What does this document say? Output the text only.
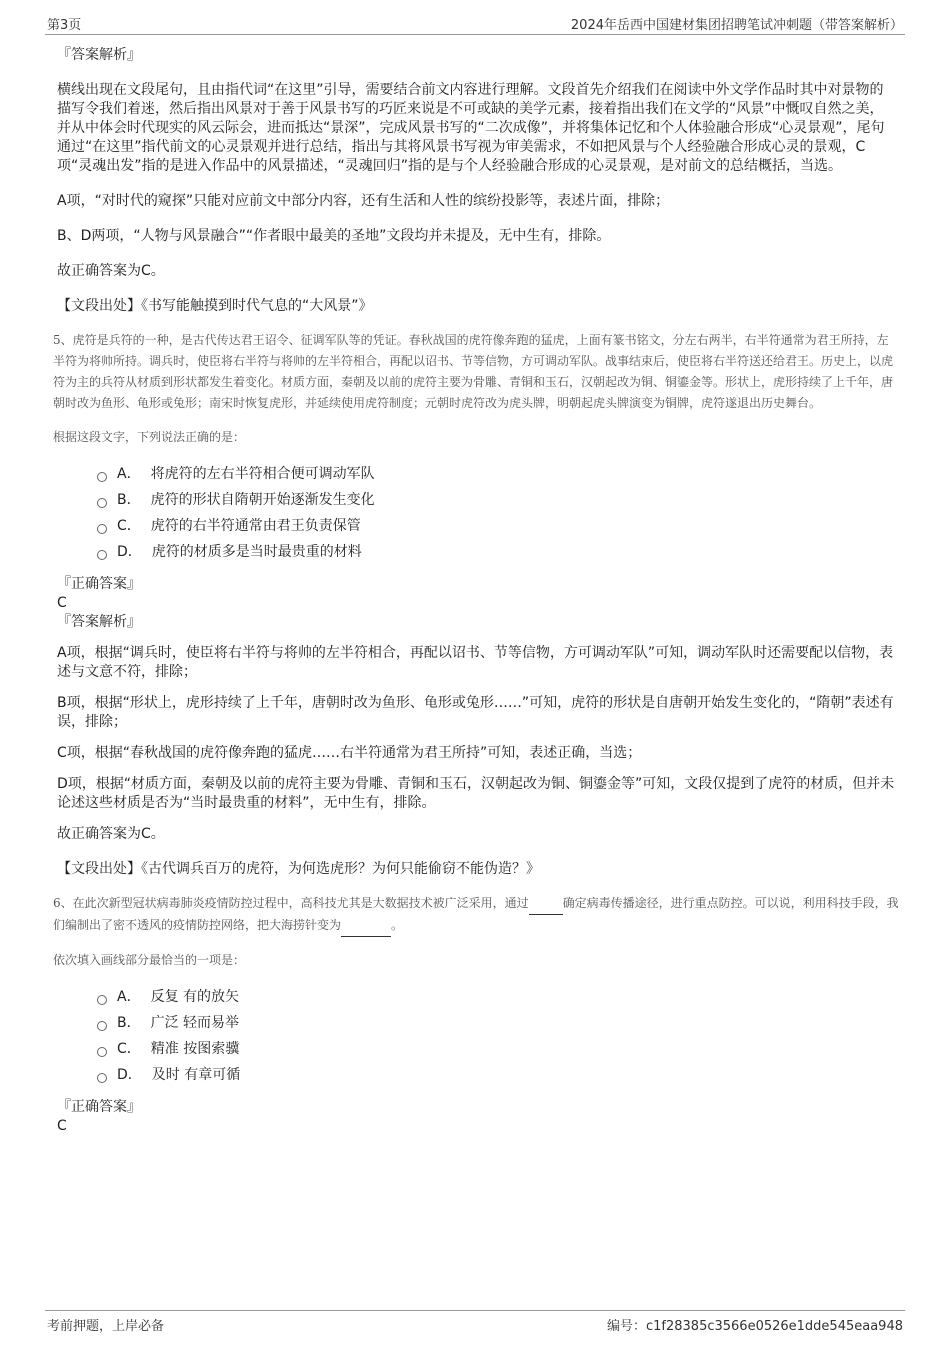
第3页	2024年岳西中国建材集团招聘笔试冲刺题（带答案解析）

『答案解析』

横线出现在文段尾句，且由指代词“在这里”引导，需要结合前文内容进行理解。文段首先介绍我们在阅读中外文学作品时其中对景物的描写令我们着迷，然后指出风景对于善于风景书写的巧匠来说是不可或缺的美学元素，接着指出我们在文学的“风景”中慨叹自然之美，并从中体会时代现实的风云际会，进而抵达“景深”，完成风景书写的“二次成像”，并将集体记忆和个人体验融合形成“心灵景观”，尾句通过“在这里”指代前文的心灵景观并进行总结，指出与其将风景书写视为审美需求，不如把风景与个人经验融合形成心灵的景观，C项“灵魂出发”指的是进入作品中的风景描述，“灵魂回归”指的是与个人经验融合形成的心灵景观，是对前文的总结概括，当选。

A项，“对时代的窥探”只能对应前文中部分内容，还有生活和人性的缤纷投影等，表述片面，排除；

B、D两项，“人物与风景融合”“作者眼中最美的圣地”文段均并未提及，无中生有，排除。

故正确答案为C。

【文段出处】《书写能触摸到时代气息的“大风景”》

5、虎符是兵符的一种，是古代传达君王诏令、征调军队等的凭证。春秋战国的虎符像奔跑的猛虎，上面有篆书铭文，分左右两半，右半符通常为君王所持，左半符为将帅所持。调兵时，使臣将右半符与将帅的左半符相合，再配以诏书、节等信物，方可调动军队。战事结束后，使臣将右半符送还给君王。历史上，以虎符为主的兵符从材质到形状都发生着变化。材质方面，秦朝及以前的虎符主要为骨雕、青铜和玉石，汉朝起改为铜、铜鎏金等。形状上，虎形持续了上千年，唐朝时改为鱼形、龟形或兔形；南宋时恢复虎形，并延续使用虎符制度；元朝时虎符改为虎头牌，明朝起虎头牌演变为铜牌，虎符遂退出历史舞台。
根据这段文字，下列说法正确的是：
A． 将虎符的左右半符相合便可调动军队
B． 虎符的形状自隋朝开始逐渐发生变化
C． 虎符的右半符通常由君王负责保管
D． 虎符的材质多是当时最贵重的材料

『正确答案』

C

『答案解析』

A项，根据“调兵时，使臣将右半符与将帅的左半符相合，再配以诏书、节等信物，方可调动军队”可知，调动军队时还需要配以信物，表述与文意不符，排除；

B项，根据“形状上，虎形持续了上千年，唐朝时改为鱼形、龟形或兔形……”可知，虎符的形状是自唐朝开始发生变化的，“隋朝”表述有误，排除；

C项，根据“春秋战国的虎符像奔跑的猛虎……右半符通常为君王所持”可知，表述正确，当选；

D项，根据“材质方面，秦朝及以前的虎符主要为骨雕、青铜和玉石，汉朝起改为铜、铜鎏金等”可知，文段仅提到了虎符的材质，但并未论述这些材质是否为“当时最贵重的材料”，无中生有，排除。

故正确答案为C。

【文段出处】《古代调兵百万的虎符，为何选虎形？为何只能偷窃不能伪造？》

6、在此次新型冠状病毒肺炎疫情防控过程中，高科技尤其是大数据技术被广泛采用，通过	确定病毒传播途径，进行重点防控。可以说，利用科技手段，我们编制出了密不透风的疫情防控网络，把大海捞针变为	。
依次填入画线部分最恰当的一项是：
A． 反复 有的放矢
B． 广泛 轻而易举
C． 精准 按图索骥
D． 及时 有章可循

『正确答案』

C

考前押题，上岸必备	编号：c1f28385c3566e0526e1dde545eaa948
